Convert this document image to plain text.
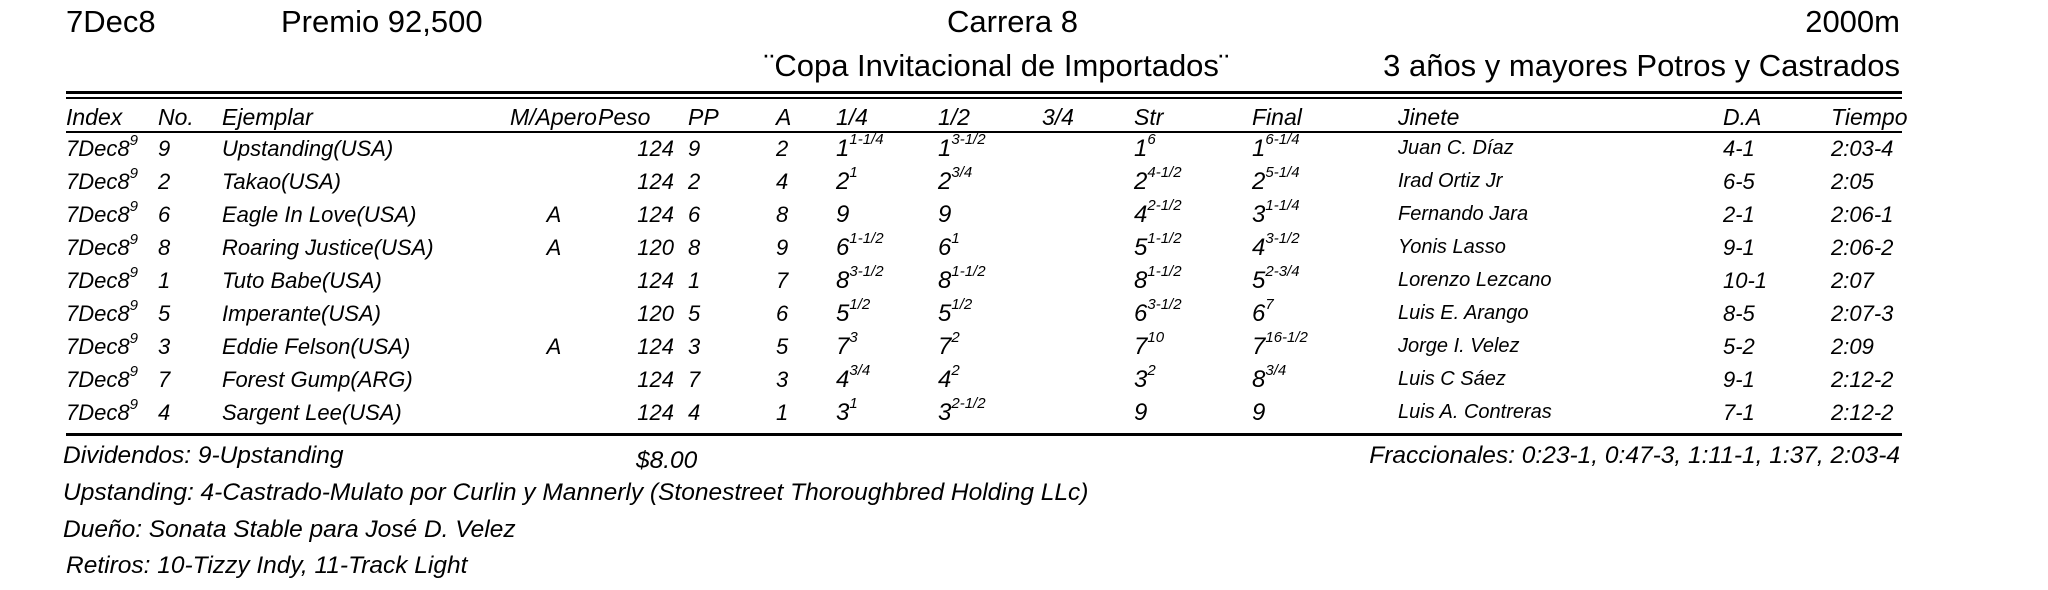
7Dec8	Premio 92,500	Carrera 8	2000m
¨Copa Invitacional de Importados¨	3 años y mayores Potros y Castrados
Index	No.	Ejemplar	M/Apero	Peso	PP	A	1/4	1/2	3/4	Str	Final	Jinete	D.A	Tiempo
$7Dec8^9$	9	Upstanding(USA)		124	9	2	$1^{1-1/4}$	$1^{3-1/2}$		$1^6$	$1^{6-1/4}$	Juan C. Díaz	4-1	2:03-4
$7Dec8^9$	2	Takao(USA)		124	2	4	$2^1$	$2^{3/4}$		$2^{4-1/2}$	$2^{5-1/4}$	Irad Ortiz Jr	6-5	2:05
$7Dec8^9$	6	Eagle In Love(USA)	A	124	6	8	9	9		$4^{2-1/2}$	$3^{1-1/4}$	Fernando Jara	2-1	2:06-1
$7Dec8^9$	8	Roaring Justice(USA)	A	120	8	9	$6^{1-1/2}$	$6^1$		$5^{1-1/2}$	$4^{3-1/2}$	Yonis Lasso	9-1	2:06-2
$7Dec8^9$	1	Tuto Babe(USA)		124	1	7	$8^{3-1/2}$	$8^{1-1/2}$		$8^{1-1/2}$	$5^{2-3/4}$	Lorenzo Lezcano	10-1	2:07
$7Dec8^9$	5	Imperante(USA)		120	5	6	$5^{1/2}$	$5^{1/2}$		$6^{3-1/2}$	$6^7$	Luis E. Arango	8-5	2:07-3
$7Dec8^9$	3	Eddie Felson(USA)	A	124	3	5	$7^3$	$7^2$		$7^{10}$	$7^{16-1/2}$	Jorge I. Velez	5-2	2:09
$7Dec8^9$	7	Forest Gump(ARG)		124	7	3	$4^{3/4}$	$4^2$		$3^2$	$8^{3/4}$	Luis C Sáez	9-1	2:12-2
$7Dec8^9$	4	Sargent Lee(USA)		124	4	1	$3^1$	$3^{2-1/2}$		9	9	Luis A. Contreras	7-1	2:12-2
Dividendos: 9-Upstanding	$8.00	Fraccionales: 0:23-1, 0:47-3, 1:11-1, 1:37, 2:03-4
Upstanding: 4-Castrado-Mulato por Curlin y Mannerly (Stonestreet Thoroughbred Holding LLc)
Dueño: Sonata Stable para José D. Velez
Retiros: 10-Tizzy Indy, 11-Track Light
